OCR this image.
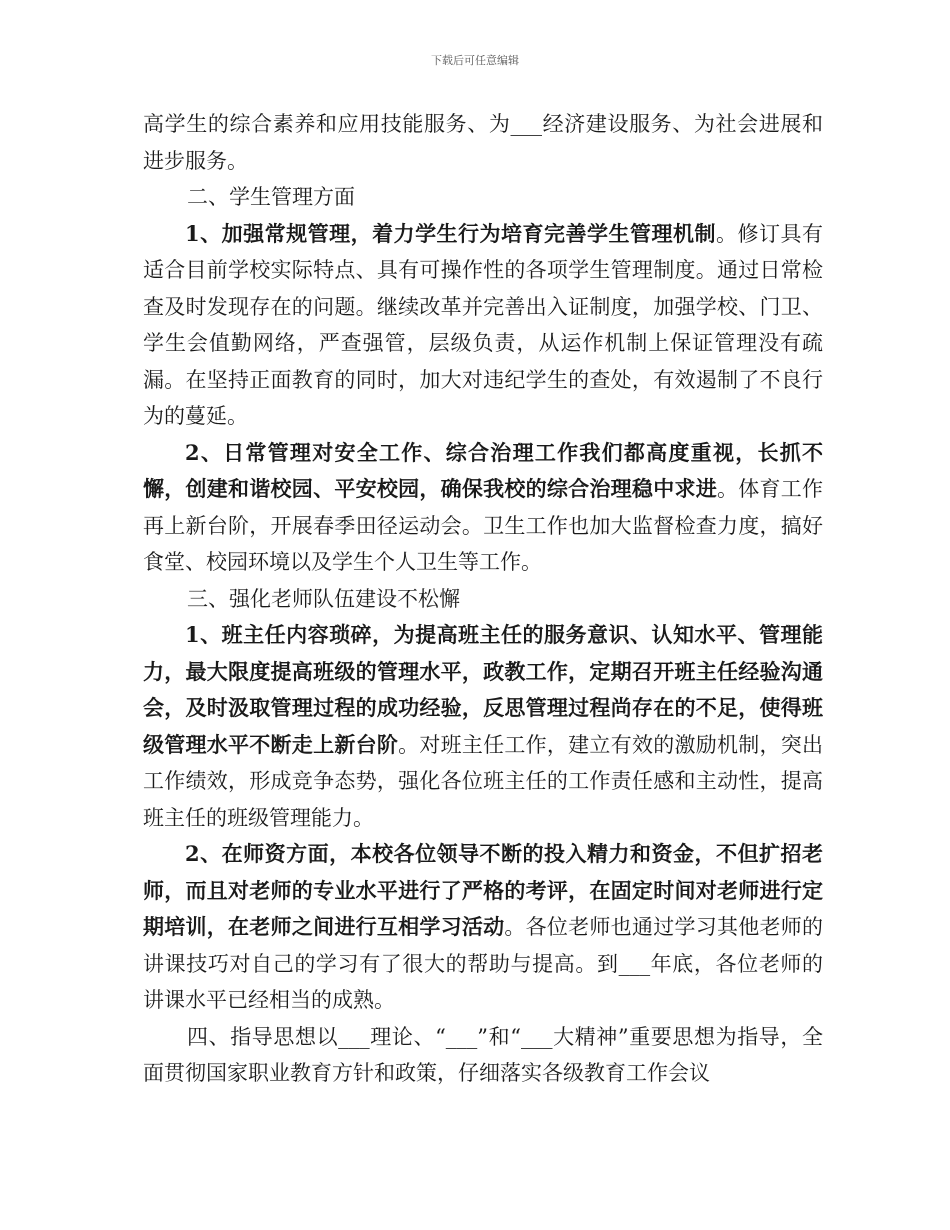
下载后可任意编辑

高学生的综合素养和应用技能服务、为___经济建设服务、为社会进展和进步服务。

二、学生管理方面

1、加强常规管理，着力学生行为培育完善学生管理机制。修订具有适合目前学校实际特点、具有可操作性的各项学生管理制度。通过日常检查及时发现存在的问题。继续改革并完善出入证制度，加强学校、门卫、学生会值勤网络，严查强管，层级负责，从运作机制上保证管理没有疏漏。在坚持正面教育的同时，加大对违纪学生的查处，有效遏制了不良行为的蔓延。

2、日常管理对安全工作、综合治理工作我们都高度重视，长抓不懈，创建和谐校园、平安校园，确保我校的综合治理稳中求进。体育工作再上新台阶，开展春季田径运动会。卫生工作也加大监督检查力度，搞好食堂、校园环境以及学生个人卫生等工作。

三、强化老师队伍建设不松懈

1、班主任内容琐碎，为提高班主任的服务意识、认知水平、管理能力，最大限度提高班级的管理水平，政教工作，定期召开班主任经验沟通会，及时汲取管理过程的成功经验，反思管理过程尚存在的不足，使得班级管理水平不断走上新台阶。对班主任工作，建立有效的激励机制，突出工作绩效，形成竞争态势，强化各位班主任的工作责任感和主动性，提高班主任的班级管理能力。

2、在师资方面，本校各位领导不断的投入精力和资金，不但扩招老师，而且对老师的专业水平进行了严格的考评，在固定时间对老师进行定期培训，在老师之间进行互相学习活动。各位老师也通过学习其他老师的讲课技巧对自己的学习有了很大的帮助与提高。到___年底，各位老师的讲课水平已经相当的成熟。

四、指导思想以___理论、“___”和“___大精神”重要思想为指导，全面贯彻国家职业教育方针和政策，仔细落实各级教育工作会议
